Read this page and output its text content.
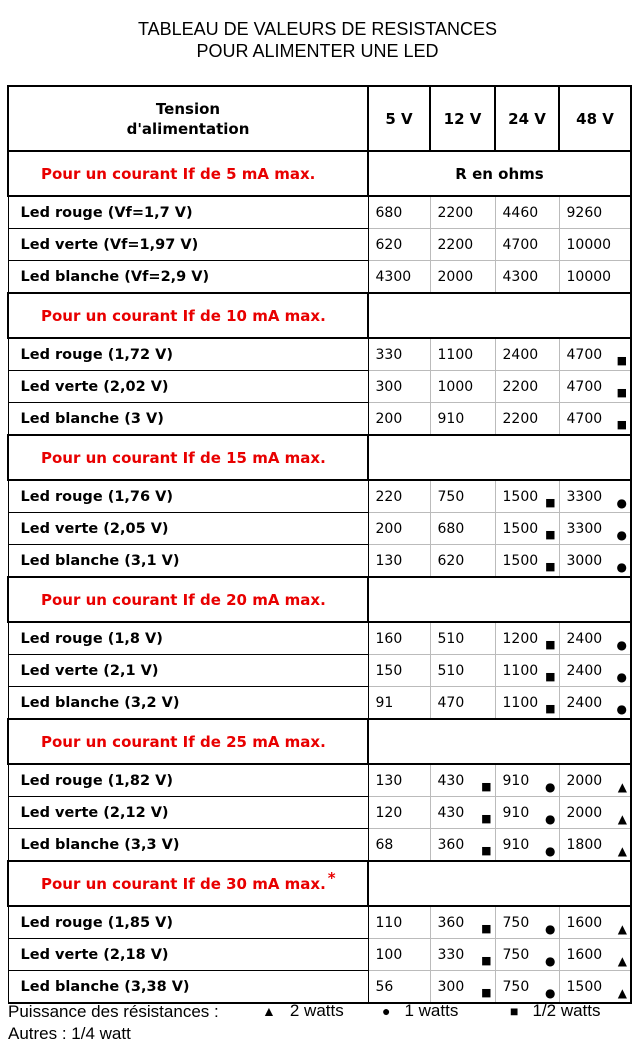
TABLEAU DE VALEURS DE RESISTANCES
POUR ALIMENTER UNE LED
Tension
d'alimentation	5 V	12 V	24 V	48 V
Pour un courant If de 5 mA max.	R en ohms			
Led rouge (Vf=1,7 V)	680	2200	4460	9260
Led verte (Vf=1,97 V)	620	2200	4700	10000
Led blanche (Vf=2,9 V)	4300	2000	4300	10000
Pour un courant If de 10 mA max.				
Led rouge (1,72 V)	330	1100	2400	4700 ■

Led verte (2,02 V)	300	1000	2200	4700 ■

Led blanche (3 V)	200	910	2200	4700 ■

Pour un courant If de 15 mA max.				
Led rouge (1,76 V)	220	750	1500 ■	3300 ●

Led verte (2,05 V)	200	680	1500 ■	3300 ●

Led blanche (3,1 V)	130	620	1500 ■	3000 ●

Pour un courant If de 20 mA max.				
Led rouge (1,8 V)	160	510	1200 ■	2400 ●

Led verte (2,1 V)	150	510	1100 ■	2400 ●

Led blanche (3,2 V)	91	470	1100 ■	2400 ●

Pour un courant If de 25 mA max.				
Led rouge (1,82 V)	130	430 ■	910 ●	2000 ▲

Led verte (2,12 V)	120	430 ■	910 ●	2000 ▲

Led blanche (3,3 V)	68	360 ■	910 ●	1800 ▲

Pour un courant If de 30 mA max. *	
Led rouge (1,85 V)	110	360 ■	750 ●	1600 ▲

Led verte (2,18 V)	100	330 ■	750 ●	1600 ▲

Led blanche (3,38 V)	56	300 ■	750 ●	1500 ▲
Puissance des résistances :
Autres : 1/4 watt
▲ 2 watts	● 1 watts	■ 1/2 watts
